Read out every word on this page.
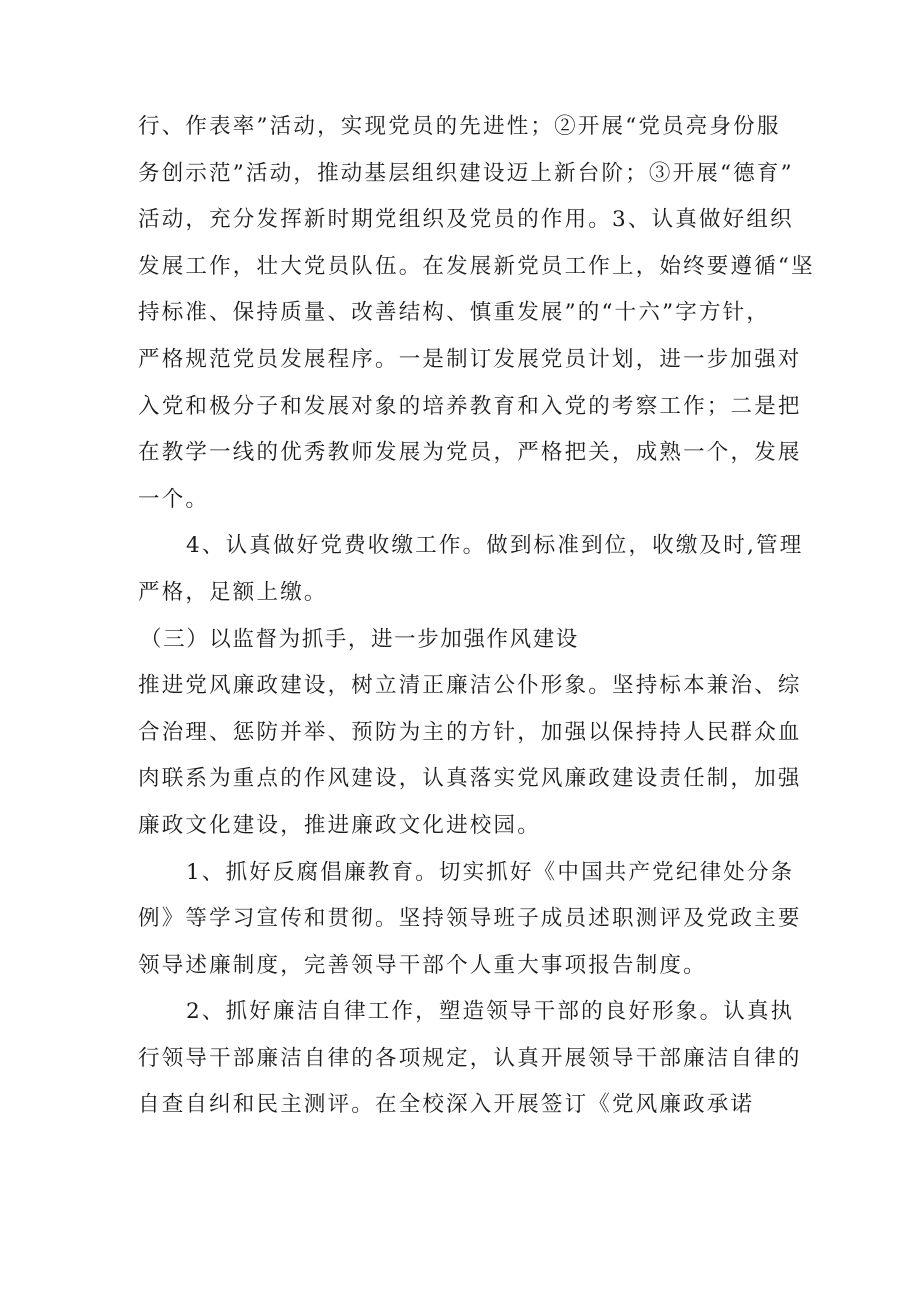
行、作表率”活动，实现党员的先进性；②开展“党员亮身份服
务创示范”活动，推动基层组织建设迈上新台阶；③开展“德育”
活动，充分发挥新时期党组织及党员的作用。3、认真做好组织
发展工作，壮大党员队伍。在发展新党员工作上，始终要遵循“坚
持标准、保持质量、改善结构、慎重发展”的“十六”字方针，
严格规范党员发展程序。一是制订发展党员计划，进一步加强对
入党和极分子和发展对象的培养教育和入党的考察工作；二是把
在教学一线的优秀教师发展为党员，严格把关，成熟一个，发展
一个。

4、认真做好党费收缴工作。做到标准到位，收缴及时,管理
严格，足额上缴。

（三）以监督为抓手，进一步加强作风建设

推进党风廉政建设，树立清正廉洁公仆形象。坚持标本兼治、综
合治理、惩防并举、预防为主的方针，加强以保持持人民群众血
肉联系为重点的作风建设，认真落实党风廉政建设责任制，加强
廉政文化建设，推进廉政文化进校园。

1、抓好反腐倡廉教育。切实抓好《中国共产党纪律处分条
例》等学习宣传和贯彻。坚持领导班子成员述职测评及党政主要
领导述廉制度，完善领导干部个人重大事项报告制度。

2、抓好廉洁自律工作，塑造领导干部的良好形象。认真执
行领导干部廉洁自律的各项规定，认真开展领导干部廉洁自律的
自查自纠和民主测评。在全校深入开展签订《党风廉政承诺
